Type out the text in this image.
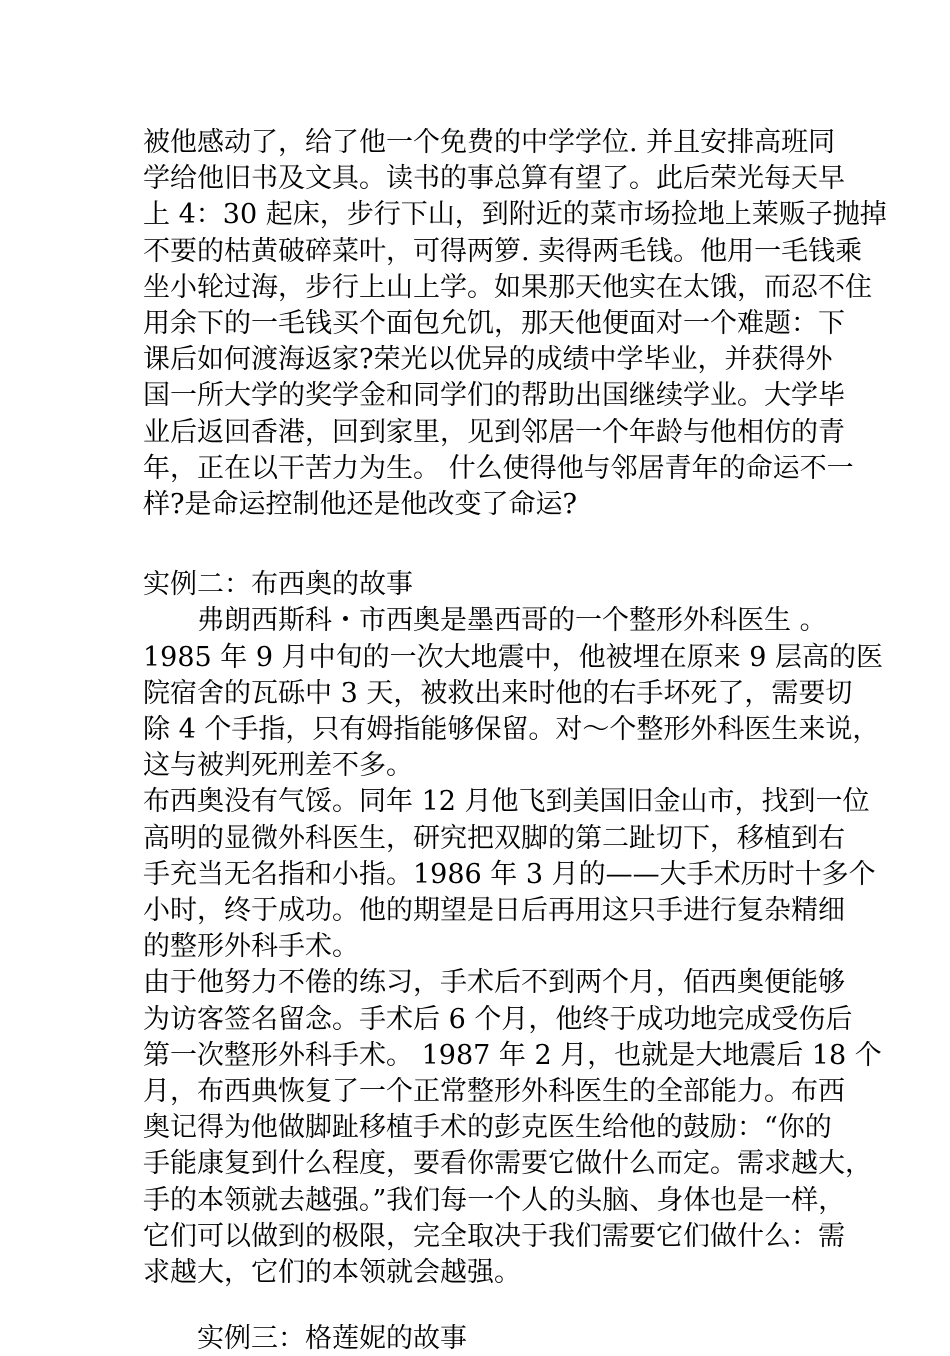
被他感动了，给了他一个免费的中学学位. 并且安排高班同

学给他旧书及文具。读书的事总算有望了。此后荣光每天早

上 4：30 起床，步行下山，到附近的菜市场捡地上莱贩子抛掉

不要的枯黄破碎菜叶，可得两箩. 卖得两毛钱。他用一毛钱乘

坐小轮过海，步行上山上学。如果那天他实在太饿，而忍不住

用余下的一毛钱买个面包允饥，那天他便面对一个难题：下

课后如何渡海返家?荣光以优异的成绩中学毕业，并获得外

国一所大学的奖学金和同学们的帮助出国继续学业。大学毕

业后返回香港，回到家里，见到邻居一个年龄与他相仿的青

年，正在以干苦力为生。 什么使得他与邻居青年的命运不一

样?是命运控制他还是他改变了命运?

实例二：布西奥的故事

弗朗西斯科・市西奥是墨西哥的一个整形外科医生 。

1985 年 9 月中旬的一次大地震中，他被埋在原来 9 层高的医

院宿舍的瓦砾中 3 天，被救出来时他的右手坏死了，需要切

除 4 个手指，只有姆指能够保留。对～个整形外科医生来说，

这与被判死刑差不多。

布西奥没有气馁。同年 12 月他飞到美国旧金山市，找到一位

高明的显微外科医生，研究把双脚的第二趾切下，移植到右

手充当无名指和小指。1986 年 3 月的——大手术历时十多个

小时，终于成功。他的期望是日后再用这只手进行复杂精细

的整形外科手术。

由于他努力不倦的练习，手术后不到两个月，佰西奥便能够

为访客签名留念。手术后 6 个月，他终于成功地完成受伤后

第一次整形外科手术。 1987 年 2 月，也就是大地震后 18 个

月，布西典恢复了一个正常整形外科医生的全部能力。布西

奥记得为他做脚趾移植手术的彭克医生给他的鼓励：“你的

手能康复到什么程度，要看你需要它做什么而定。需求越大，

手的本领就去越强。”我们每一个人的头脑、身体也是一样，

它们可以做到的极限，完全取决于我们需要它们做什么：需

求越大，它们的本领就会越强。

实例三：格莲妮的故事
